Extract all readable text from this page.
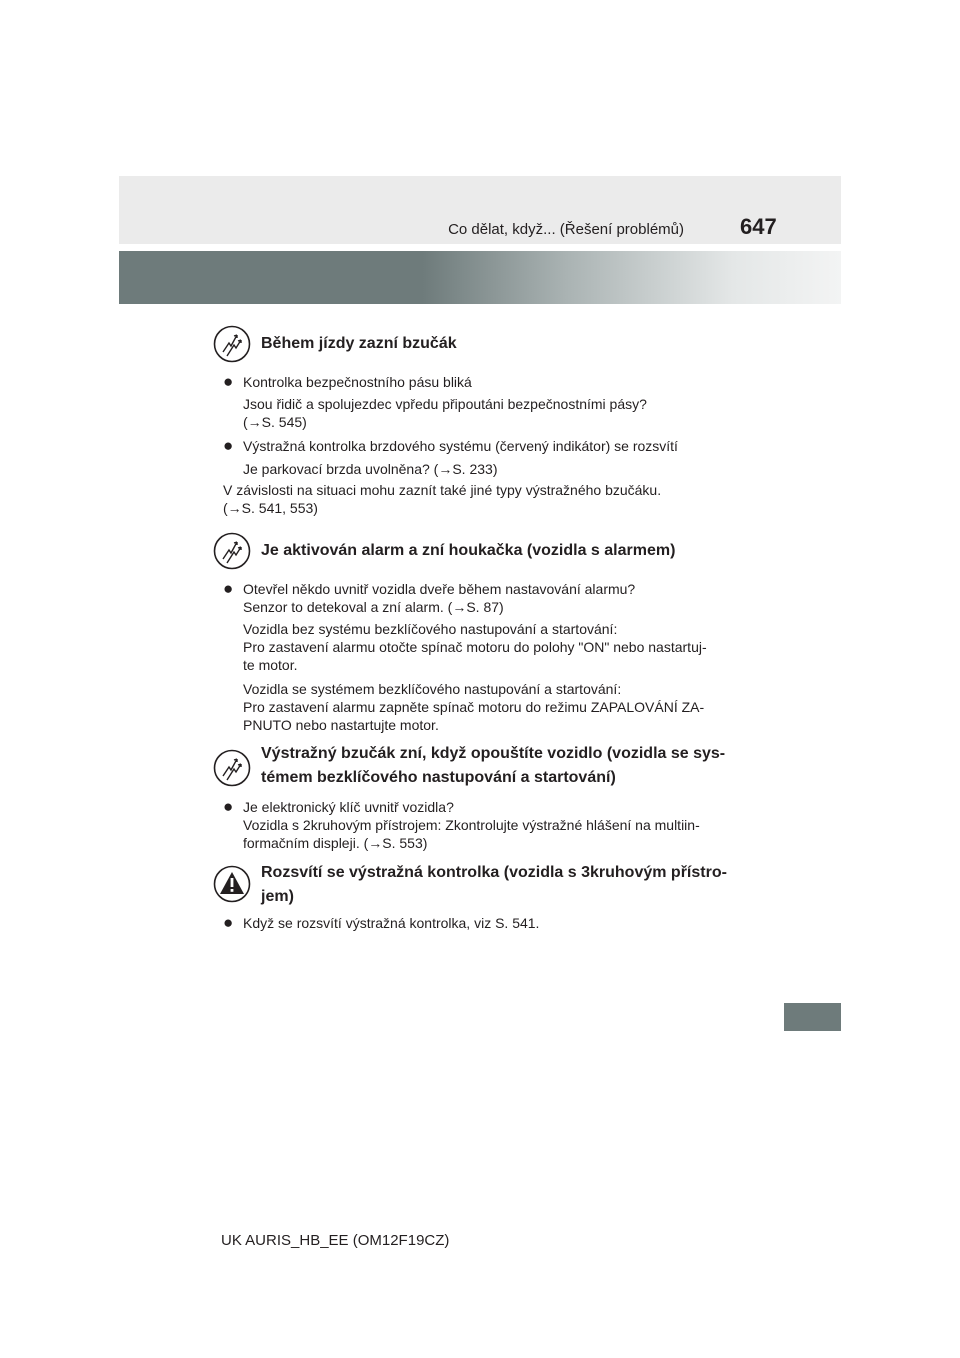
Co dělat, když... (Řešení problémů)	647
Během jízdy zazní bzučák
● Kontrolka bezpečnostního pásu bliká
Jsou řidič a spolujezdec vpředu připoutáni bezpečnostními pásy?
(→S. 545)
● Výstražná kontrolka brzdového systému (červený indikátor) se rozsvítí
Je parkovací brzda uvolněna? (→S. 233)
V závislosti na situaci mohu zaznít také jiné typy výstražného bzučáku.
(→S. 541, 553)
Je aktivován alarm a zní houkačka (vozidla s alarmem)
● Otevřel někdo uvnitř vozidla dveře během nastavování alarmu?
Senzor to detekoval a zní alarm. (→S. 87)
Vozidla bez systému bezklíčového nastupování a startování:
Pro zastavení alarmu otočte spínač motoru do polohy "ON" nebo nastartuj-
te motor.
Vozidla se systémem bezklíčového nastupování a startování:
Pro zastavení alarmu zapněte spínač motoru do režimu ZAPALOVÁNÍ ZA-
PNUTO nebo nastartujte motor.
Výstražný bzučák zní, když opouštíte vozidlo (vozidla se sys-
témem bezklíčového nastupování a startování)
● Je elektronický klíč uvnitř vozidla?
Vozidla s 2kruhovým přístrojem: Zkontrolujte výstražné hlášení na multiin-
formačním displeji. (→S. 553)
Rozsvítí se výstražná kontrolka (vozidla s 3kruhovým přístro-
jem)
● Když se rozsvítí výstražná kontrolka, viz S. 541.
UK AURIS_HB_EE (OM12F19CZ)
